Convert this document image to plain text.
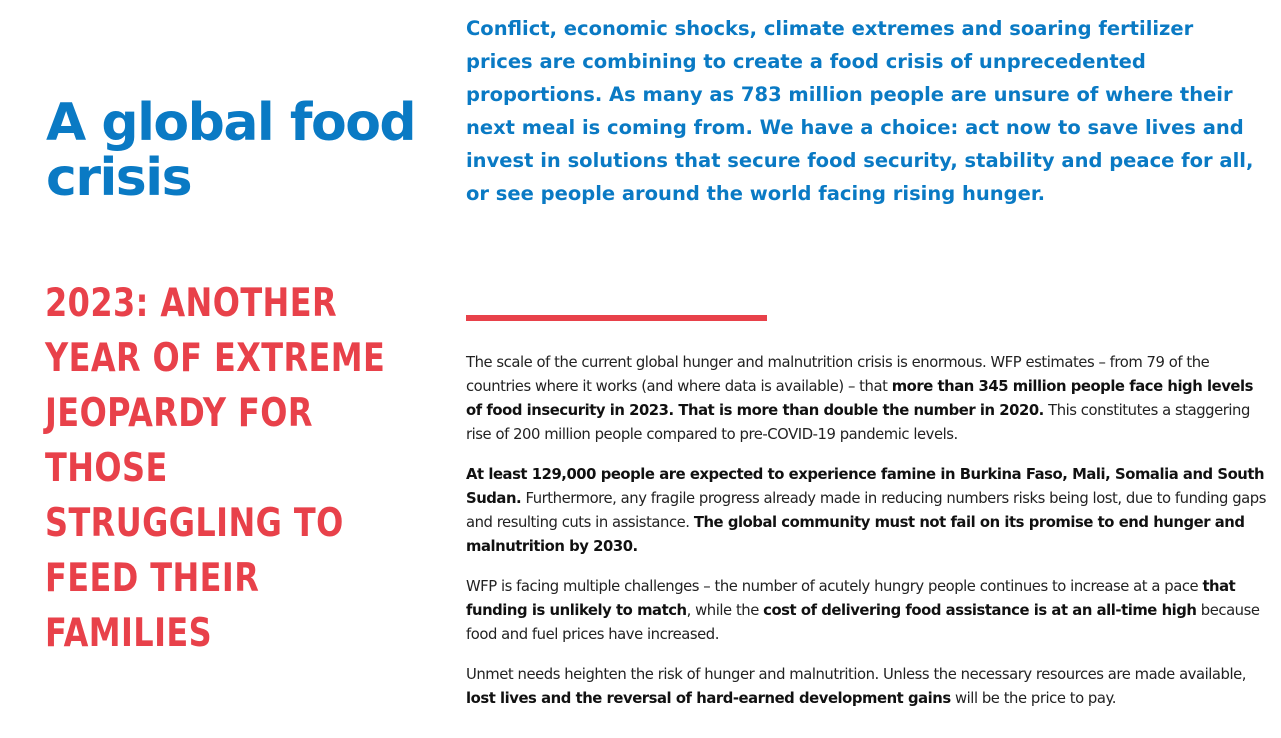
A global food crisis

Conflict, economic shocks, climate extremes and soaring fertilizer prices are combining to create a food crisis of unprecedented proportions. As many as 783 million people are unsure of where their next meal is coming from. We have a choice: act now to save lives and invest in solutions that secure food security, stability and peace for all, or see people around the world facing rising hunger.

2023: ANOTHER YEAR OF EXTREME JEOPARDY FOR THOSE STRUGGLING TO FEED THEIR FAMILIES

The scale of the current global hunger and malnutrition crisis is enormous. WFP estimates – from 79 of the countries where it works (and where data is available) – that more than 345 million people face high levels of food insecurity in 2023. That is more than double the number in 2020. This constitutes a staggering rise of 200 million people compared to pre-COVID-19 pandemic levels.

At least 129,000 people are expected to experience famine in Burkina Faso, Mali, Somalia and South Sudan. Furthermore, any fragile progress already made in reducing numbers risks being lost, due to funding gaps and resulting cuts in assistance. The global community must not fail on its promise to end hunger and malnutrition by 2030.

WFP is facing multiple challenges – the number of acutely hungry people continues to increase at a pace that funding is unlikely to match, while the cost of delivering food assistance is at an all-time high because food and fuel prices have increased.

Unmet needs heighten the risk of hunger and malnutrition. Unless the necessary resources are made available, lost lives and the reversal of hard-earned development gains will be the price to pay.
